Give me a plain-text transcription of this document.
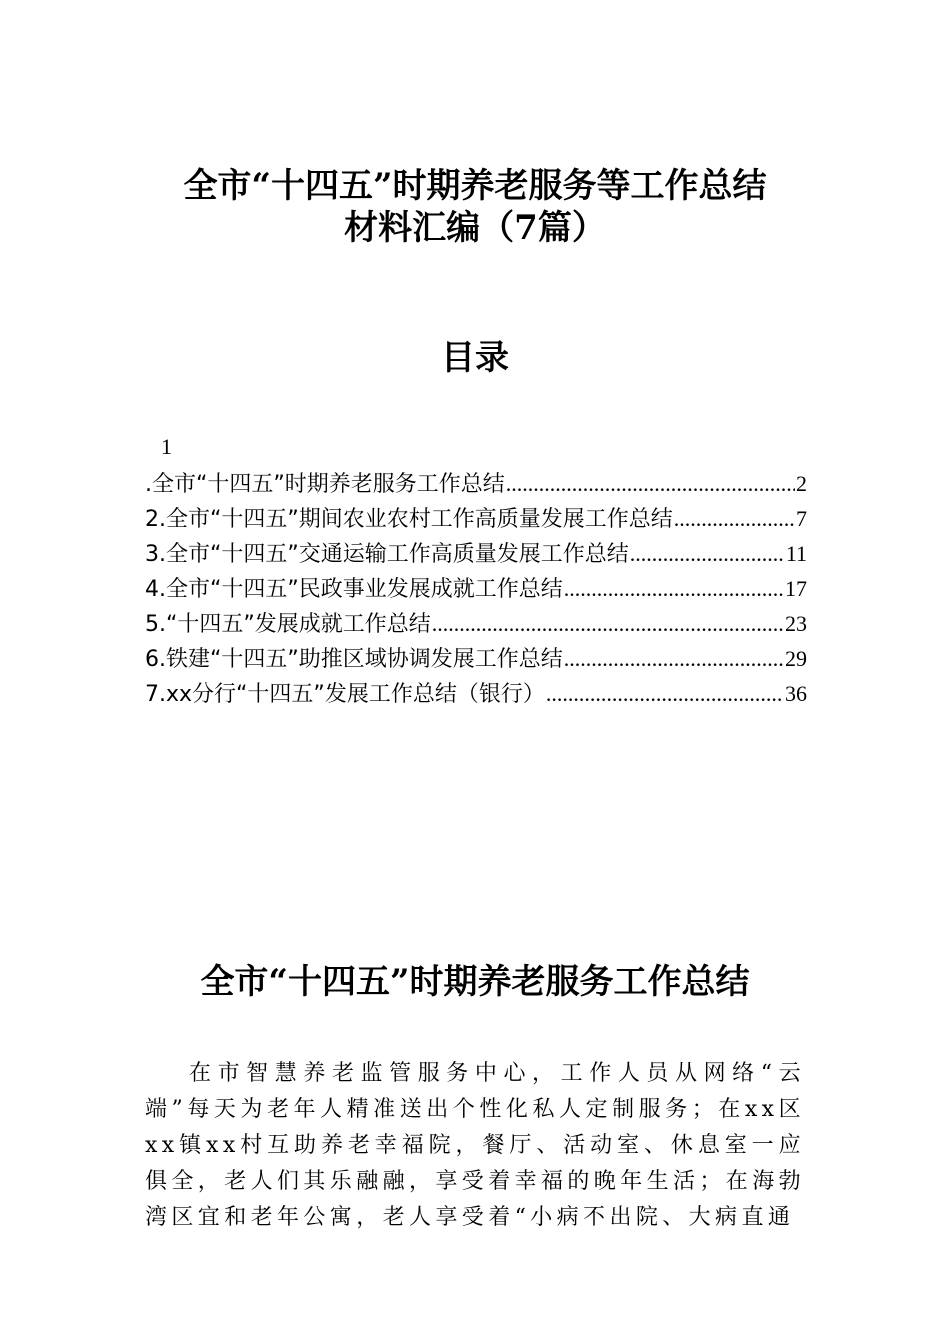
全市“十四五”时期养老服务等工作总结
材料汇编（7篇）
目录
1
.全市“十四五”时期养老服务工作总结 .....	2
2.全市“十四五”期间农业农村工作高质量发展工作总结 .....	7
3.全市“十四五”交通运输工作高质量发展工作总结 .....	11
4.全市“十四五”民政事业发展成就工作总结 .....	17
5.“十四五”发展成就工作总结 .....	23
6.铁建“十四五”助推区域协调发展工作总结 .....	29
7.xx分行“十四五”发展工作总结（银行） .....	36
全市“十四五”时期养老服务工作总结

在市智慧养老监管服务中心，工作人员从网络“云端”每天为老年人精准送出个性化私人定制服务；在xx区xx镇xx村互助养老幸福院，餐厅、活动室、休息室一应俱全，老人们其乐融融，享受着幸福的晚年生活；在海勃湾区宜和老年公寓，老人享受着“小病不出院、大病直通
